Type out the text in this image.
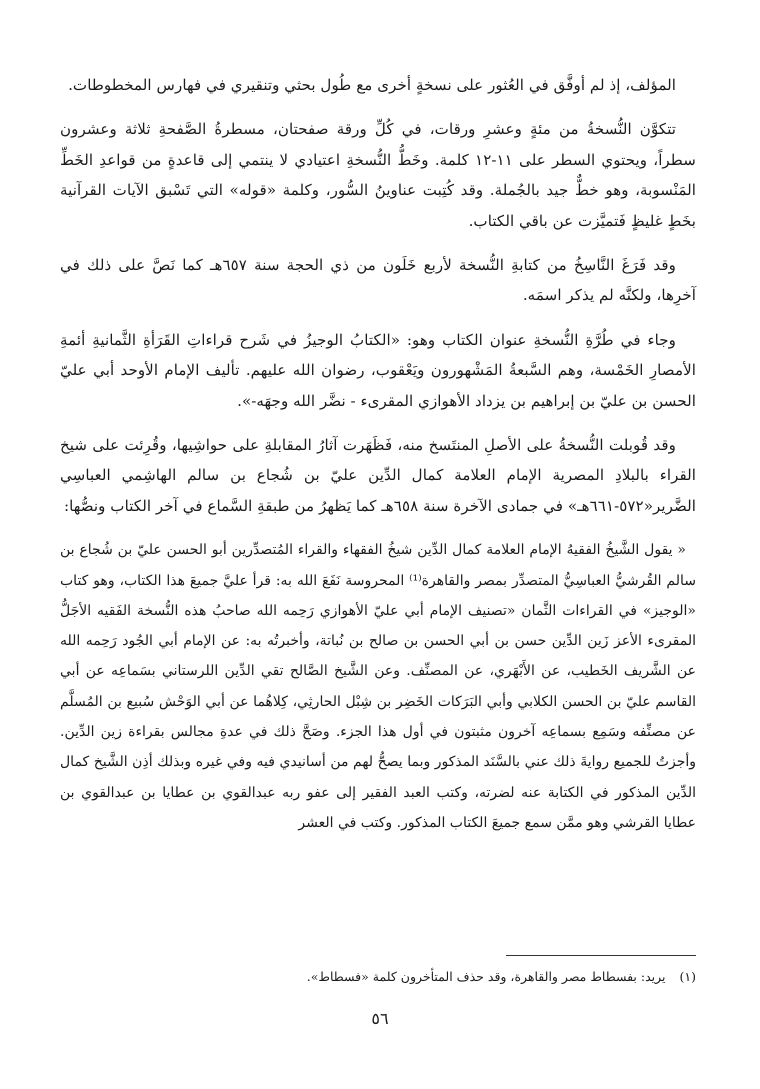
المؤلف، إذ لم أوفَّق في العُثور على نسخةٍ أخرى مع طُول بحثي وتنقيري في فهارس المخطوطات.

تتكوَّن النُّسخةُ من مئةٍ وعشرِ ورقات، في كُلِّ ورقة صفحتان، مسطرةُ الصَّفحةِ ثلاثة وعشرون سطراً، ويحتوي السطر على ١١-١٢ كلمة. وخَطُّ النُّسخةِ اعتيادي لا ينتمي إلى قاعدةٍ من قواعدِ الخَطِّ المَنْسوبة، وهو خطٌّ جيد بالجُملة. وقد كُتِبت عناوينُ السُّور، وكلمة «قوله» التي تَسْبق الآيات القرآنية بخَطٍ غليظٍ فَتميَّزت عن باقي الكتاب.

وقد فَرَغَ النَّاسِخُ من كتابةِ النُّسخة لأربع خَلَون من ذي الحجة سنة ٦٥٧هـ كما نَصَّ على ذلك في آخرِها، ولكنَّه لم يذكر اسمَه.

وجاء في طُرَّةِ النُّسخةِ عنوان الكتاب وهو: «الكتابُ الوجيزُ في شَرح قراءاتِ القَرَأةِ الثَّمانيةِ أئمةِ الأمصارِ الخَمْسة، وهم السَّبعةُ المَشْهورون ويَعْقوب، رضوان الله عليهم. تأليف الإمام الأوحد أبي عليّ الحسن بن عليّ بن إبراهيم بن يزداد الأهوازي المقرىء - نضَّر الله وجهَه-».

وقد قُوبلت النُّسخةُ على الأصلِ المنتَسخ منه، فَظَهَرت آثارُ المقابلةِ على حواشِيها، وقُرِئت على شيخ القراء بالبلادِ المصرية الإمام العلامة كمال الدِّين عليّ بن شُجاع بن سالم الهاشِمي العباسِي الضَّرير«٥٧٢-٦٦١هـ» في جمادى الآخرة سنة ٦٥٨هـ كما يَظهرُ من طبقةِ السَّماع في آخر الكتاب ونصُّها:

« يقول الشَّيخُ الفقيهُ الإمام العلامة كمال الدِّين شيخُ الفقهاء والقراء المُتصدِّرين أبو الحسن عليّ بن شُجاع بن سالم القُرشيُّ العباسِيُّ المتصدِّر بمصر والقاهرة⁽¹⁾ المحروسة نَفَعَ الله به: قرأ عليَّ جميعَ هذا الكتاب، وهو كتاب «الوجيز» في القراءات الثَّمان «تصنيف الإمام أبي عليّ الأهوازي رَحِمه الله صاحبُ هذه النُّسخة الفَقيه الأجَلُّ المقرىء الأعز زَين الدِّين حسن بن أبي الحسن بن صالح بن نُباتة، وأخبرتُه به: عن الإمام أبي الجُود رَحِمه الله عن الشَّريف الخَطيب، عن الأَبْهَري، عن المصنِّف. وعن الشَّيخ الصَّالح تقي الدِّين اللرستاني بسَماعِه عن أبي القاسم عليّ بن الحسن الكلابي وأبي البَرَكات الخَضِر بن شِبْل الحارثِي، كِلاهُما عن أبي الوَحْش سُبيع بن المُسلَّم عن مصنِّفه وسَمِع بسماعِه آخرون مثبتون في أول هذا الجزء. وصَحَّ ذلك في عدةِ مجالس بقراءة زين الدِّين. وأجزتُ للجميع روايةَ ذلك عني بالسَّنَد المذكور وبما يصحُّ لهم من أسانيدي فيه وفي غيره وبذلك أذِن الشَّيخ كمال الدِّين المذكور في الكتابة عنه لضرته، وكتب العبد الفقير إلى عفو ربه عبدالقوي بن عطايا بن عبدالقوي بن عطايا القرشي وهو ممَّن سمع جميعَ الكتاب المذكور. وكتب في العشر

(١) يريد: بفسطاط مصر والقاهرة، وقد حذف المتأخرون كلمة «فسطاط».
٥٦
